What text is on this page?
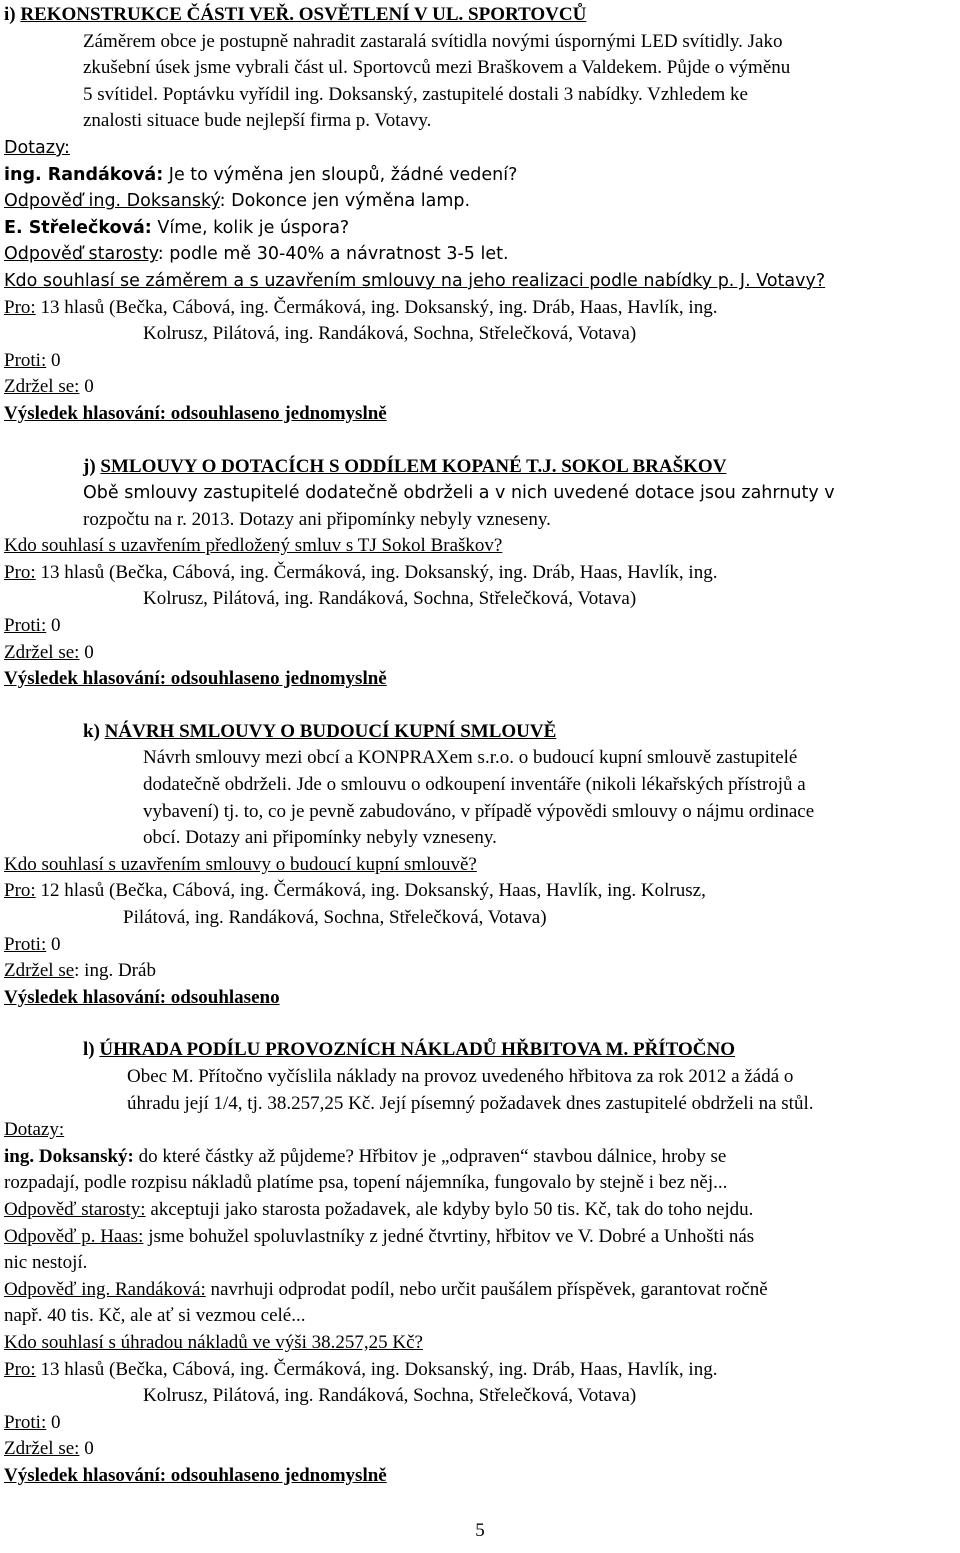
i) REKONSTRUKCE ČÁSTI VEŘ. OSVĚTLENÍ V UL. SPORTOVCŮ
Záměrem obce je postupně nahradit zastaralá svítidla novými úspornými LED svítidly. Jako
zkušební úsek jsme vybrali část ul. Sportovců mezi Braškovem a Valdekem. Půjde o výměnu
5 svítidel. Poptávku vyřídil ing. Doksanský, zastupitelé dostali 3 nabídky. Vzhledem ke
znalosti situace bude nejlepší firma p. Votavy.
Dotazy:
ing. Randáková: Je to výměna jen sloupů, žádné vedení?
Odpověď ing. Doksanský: Dokonce jen výměna lamp.
E. Střelečková: Víme, kolik je úspora?
Odpověď starosty: podle mě 30-40% a návratnost 3-5 let.
Kdo souhlasí se záměrem a s uzavřením smlouvy na jeho realizaci podle nabídky p. J. Votavy?
Pro: 13 hlasů (Bečka, Cábová, ing. Čermáková, ing. Doksanský, ing. Dráb, Haas, Havlík, ing.
Kolrusz, Pilátová, ing. Randáková, Sochna, Střelečková, Votava)
Proti: 0
Zdržel se: 0
Výsledek hlasování: odsouhlaseno jednomyslně
j) SMLOUVY O DOTACÍCH S ODDÍLEM KOPANÉ T.J. SOKOL BRAŠKOV
Obě smlouvy zastupitelé dodatečně obdrželi a v nich uvedené dotace jsou zahrnuty v
rozpočtu na r. 2013. Dotazy ani připomínky nebyly vzneseny.
Kdo souhlasí s uzavřením předložený smluv s TJ Sokol Braškov?
Pro: 13 hlasů (Bečka, Cábová, ing. Čermáková, ing. Doksanský, ing. Dráb, Haas, Havlík, ing.
Kolrusz, Pilátová, ing. Randáková, Sochna, Střelečková, Votava)
Proti: 0
Zdržel se: 0
Výsledek hlasování: odsouhlaseno jednomyslně
k) NÁVRH SMLOUVY O BUDOUCÍ KUPNÍ SMLOUVĚ
Návrh smlouvy mezi obcí a KONPRAXem s.r.o. o budoucí kupní smlouvě zastupitelé
dodatečně obdrželi. Jde o smlouvu o odkoupení inventáře (nikoli lékařských přístrojů a
vybavení) tj. to, co je pevně zabudováno, v případě výpovědi smlouvy o nájmu ordinace
obcí. Dotazy ani připomínky nebyly vzneseny.
Kdo souhlasí s uzavřením smlouvy o budoucí kupní smlouvě?
Pro: 12 hlasů (Bečka, Cábová, ing. Čermáková, ing. Doksanský, Haas, Havlík, ing. Kolrusz,
Pilátová, ing. Randáková, Sochna, Střelečková, Votava)
Proti: 0
Zdržel se: ing. Dráb
Výsledek hlasování: odsouhlaseno
l) ÚHRADA PODÍLU PROVOZNÍCH NÁKLADŮ HŘBITOVA M. PŘÍTOČNO
Obec M. Přítočno vyčíslila náklady na provoz uvedeného hřbitova za rok 2012 a žádá o
úhradu její 1/4, tj. 38.257,25 Kč. Její písemný požadavek dnes zastupitelé obdrželi na stůl.
Dotazy:
ing. Doksanský: do které částky až půjdeme? Hřbitov je „odpraven“ stavbou dálnice, hroby se
rozpadají, podle rozpisu nákladů platíme psa, topení nájemníka, fungovalo by stejně i bez něj...
Odpověď starosty: akceptuji jako starosta požadavek, ale kdyby bylo 50 tis. Kč, tak do toho nejdu.
Odpověď p. Haas: jsme bohužel spoluvlastníky z jedné čtvrtiny, hřbitov ve V. Dobré a Unhošti nás
nic nestojí.
Odpověď ing. Randáková: navrhuji odprodat podíl, nebo určit paušálem příspěvek, garantovat ročně
např. 40 tis. Kč, ale ať si vezmou celé...
Kdo souhlasí s úhradou nákladů ve výši 38.257,25 Kč?
Pro: 13 hlasů (Bečka, Cábová, ing. Čermáková, ing. Doksanský, ing. Dráb, Haas, Havlík, ing.
Kolrusz, Pilátová, ing. Randáková, Sochna, Střelečková, Votava)
Proti: 0
Zdržel se: 0
Výsledek hlasování: odsouhlaseno jednomyslně
5
